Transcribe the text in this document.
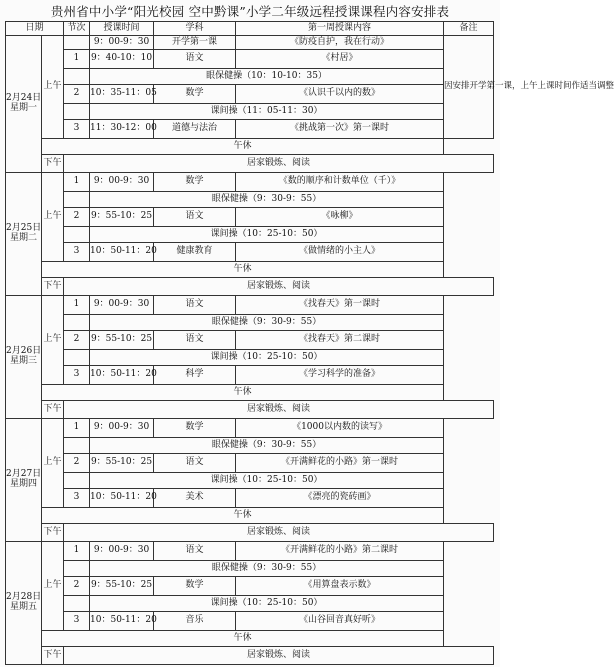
贵州省中小学“阳光校园 空中黔课”小学二年级远程授课课程内容安排表
日期		节次	授课时间	学科	第一周授课内容	备注

2月24日
星期一	上午		9：00-9：30	开学第一课	《防疫自护，我在行动》	因安排开学第一课，上午上课时间作适当调整
		1	9：40-10：10	语文	《村居》	
			眼保健操（10：10-10：35）			
		2	10：35-11：05	数学	《认识千以内的数》	
			课间操（11：05-11：30）			
		3	11：30-12：00	道德与法治	《挑战第一次》第一课时	
	午休					
	下午	居家锻炼、阅读				

2月25日
星期二	上午	1	9：00-9：30	数学	《数的顺序和计数单位（千）》	
			眼保健操（9：30-9：55）			
		2	9：55-10：25	语文	《咏柳》	
			课间操（10：25-10：50）			
		3	10：50-11：20	健康教育	《做情绪的小主人》	
	午休					
	下午	居家锻炼、阅读				

2月26日
星期三	上午	1	9：00-9：30	语文	《找春天》第一课时	
			眼保健操（9：30-9：55）			
		2	9：55-10：25	语文	《找春天》第二课时	
			课间操（10：25-10：50）			
		3	10：50-11：20	科学	《学习科学的准备》	
	午休					
	下午	居家锻炼、阅读				

2月27日
星期四	上午	1	9：00-9：30	数学	《1000以内数的读写》	
			眼保健操（9：30-9：55）			
		2	9：55-10：25	语文	《开满鲜花的小路》第一课时	
			课间操（10：25-10：50）			
		3	10：50-11：20	美术	《漂亮的瓷砖画》	
	午休					
	下午	居家锻炼、阅读				

2月28日
星期五	上午	1	9：00-9：30	语文	《开满鲜花的小路》第二课时	
			眼保健操（9：30-9：55）			
		2	9：55-10：25	数学	《用算盘表示数》	
			课间操（10：25-10：50）			
		3	10：50-11：20	音乐	《山谷回音真好听》	
	午休					
	下午	居家锻炼、阅读				
